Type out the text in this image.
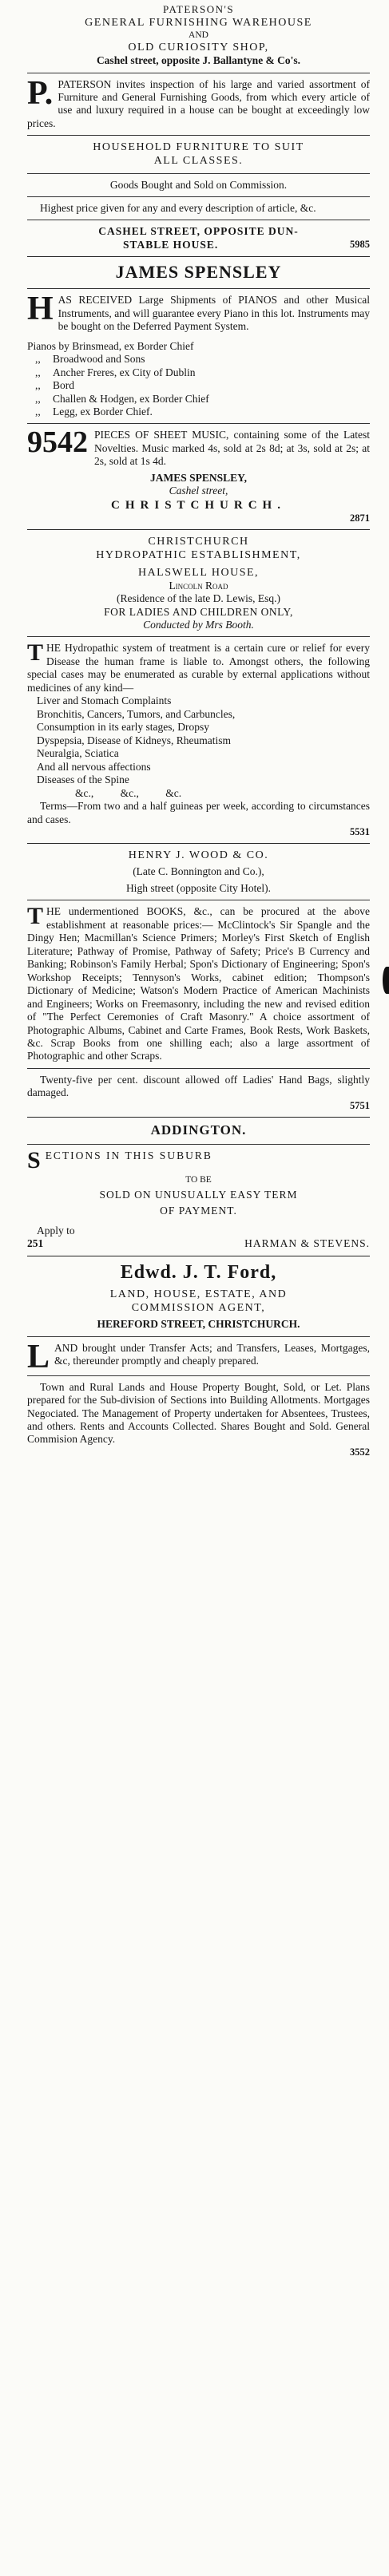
PATERSON'S
GENERAL FURNISHING WAREHOUSE
AND
OLD CURIOSITY SHOP,
Cashel street, opposite J. Ballantyne & Co's.

P. PATERSON invites inspection of his large and varied assortment of Furniture and General Furnishing Goods, from which every article of use and luxury required in a house can be bought at exceedingly low prices.

HOUSEHOLD FURNITURE TO SUIT
ALL CLASSES.
Goods Bought and Sold on Commission.

Highest price given for any and every description of article, &c.

CASHEL STREET, OPPOSITE DUN-
STABLE HOUSE.	5985
JAMES SPENSLEY

HAS RECEIVED Large Shipments of PIANOS and other Musical Instruments, and will guarantee every Piano in this lot. Instruments may be bought on the Deferred Payment System.

Pianos by Brinsmead, ex Border Chief
,, Broadwood and Sons
,, Ancher Freres, ex City of Dublin
,, Bord
,, Challen & Hodgen, ex Border Chief
,, Legg, ex Border Chief.

9542 PIECES OF SHEET MUSIC, containing some of the Latest Novelties. Music marked 4s, sold at 2s 8d; at 3s, sold at 2s; at 2s, sold at 1s 4d.

JAMES SPENSLEY,
Cashel street,
CHRISTCHURCH.
2871
CHRISTCHURCH
HYDROPATHIC ESTABLISHMENT,
HALSWELL HOUSE,
Lincoln Road
(Residence of the late D. Lewis, Esq.)
FOR LADIES AND CHILDREN ONLY,
Conducted by Mrs Booth.

THE Hydropathic system of treatment is a certain cure or relief for every Disease the human frame is liable to. Amongst others, the following special cases may be enumerated as curable by external applications without medicines of any kind—

Liver and Stomach Complaints
Bronchitis, Cancers, Tumors, and Carbuncles,
Consumption in its early stages, Dropsy
Dyspepsia, Disease of Kidneys, Rheumatism
Neuralgia, Sciatica
And all nervous affections
Diseases of the Spine
&c., &c., &c.

Terms—From two and a half guineas per week, according to circumstances and cases.

5531
HENRY J. WOOD & CO.
(Late C. Bonnington and Co.),
High street (opposite City Hotel).

THE undermentioned BOOKS, &c., can be procured at the above establishment at reasonable prices:— McClintock's Sir Spangle and the Dingy Hen; Macmillan's Science Primers; Morley's First Sketch of English Literature; Pathway of Promise, Pathway of Safety; Price's B Currency and Banking; Robinson's Family Herbal; Spon's Dictionary of Engineering; Spon's Workshop Receipts; Tennyson's Works, cabinet edition; Thompson's Dictionary of Medicine; Watson's Modern Practice of American Machinists and Engineers; Works on Freemasonry, including the new and revised edition of "The Perfect Ceremonies of Craft Masonry." A choice assortment of Photographic Albums, Cabinet and Carte Frames, Book Rests, Work Baskets, &c. Scrap Books from one shilling each; also a large assortment of Photographic and other Scraps.

Twenty-five per cent. discount allowed off Ladies' Hand Bags, slightly damaged.

5751
ADDINGTON.
SECTIONS IN THIS SUBURB
TO BE
SOLD ON UNUSUALLY EASY TERM
OF PAYMENT.
Apply to
251	HARMAN & STEVENS.
Edwd. J. T. Ford,
LAND, HOUSE, ESTATE, AND
COMMISSION AGENT,
HEREFORD STREET, CHRISTCHURCH.

LAND brought under Transfer Acts; and Transfers, Leases, Mortgages, &c, thereunder promptly and cheaply prepared.

Town and Rural Lands and House Property Bought, Sold, or Let. Plans prepared for the Sub-division of Sections into Building Allotments. Mortgages Negociated. The Management of Property undertaken for Absentees, Trustees, and others. Rents and Accounts Collected. Shares Bought and Sold. General Commision Agency.

3552
